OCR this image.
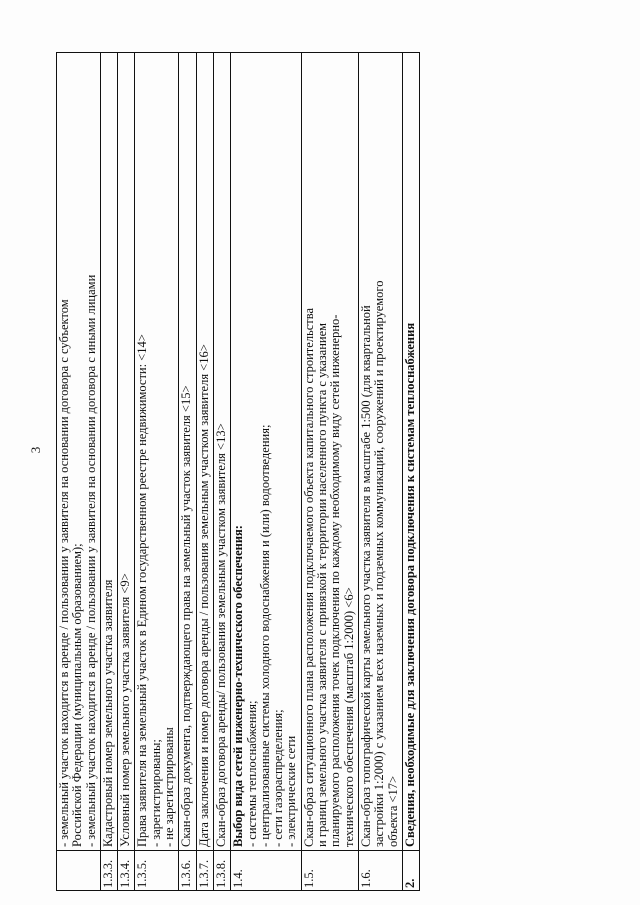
3

	- земельный участок находится в аренде / пользовании у заявителя на основании договора с субъектом Российской Федерации (муниципальным образованием); - земельный участок находится в аренде / пользовании у заявителя на основании договора с иными лицами

1.3.3.	Кадастровый номер земельного участка заявителя

1.3.4.	Условный номер земельного участка заявителя <9>

1.3.5.	Права заявителя на земельный участок в Едином государственном реестре недвижимости: <14> - зарегистрированы; - не зарегистрированы

1.3.6.	Скан-образ документа, подтверждающего права на земельный участок заявителя <15>

1.3.7.	Дата заключения и номер договора аренды / пользования земельным участком заявителя <16>

1.3.8.	Скан-образ договора аренды/ пользования земельным участком заявителя <13>

1.4.	Выбор вида сетей инженерно-технического обеспечения: - системы теплоснабжения; - централизованные системы холодного водоснабжения и (или) водоотведения; - сети газораспределения; - электрические сети

1.5.	Скан-образ ситуационного плана расположения подключаемого объекта капитального строительства и границ земельного участка заявителя с привязкой к территории населенного пункта с указанием планируемого расположения точек подключения по каждому необходимому виду сетей инженерно- технического обеспечения (масштаб 1:2000) <6>

1.6.	Скан-образ топографической карты земельного участка заявителя в масштабе 1:500 (для квартальной застройки 1:2000) с указанием всех наземных и подземных коммуникаций, сооружений и проектируемого объекта <17>

2.	Сведения, необходимые для заключения договора подключения к системам теплоснабжения
